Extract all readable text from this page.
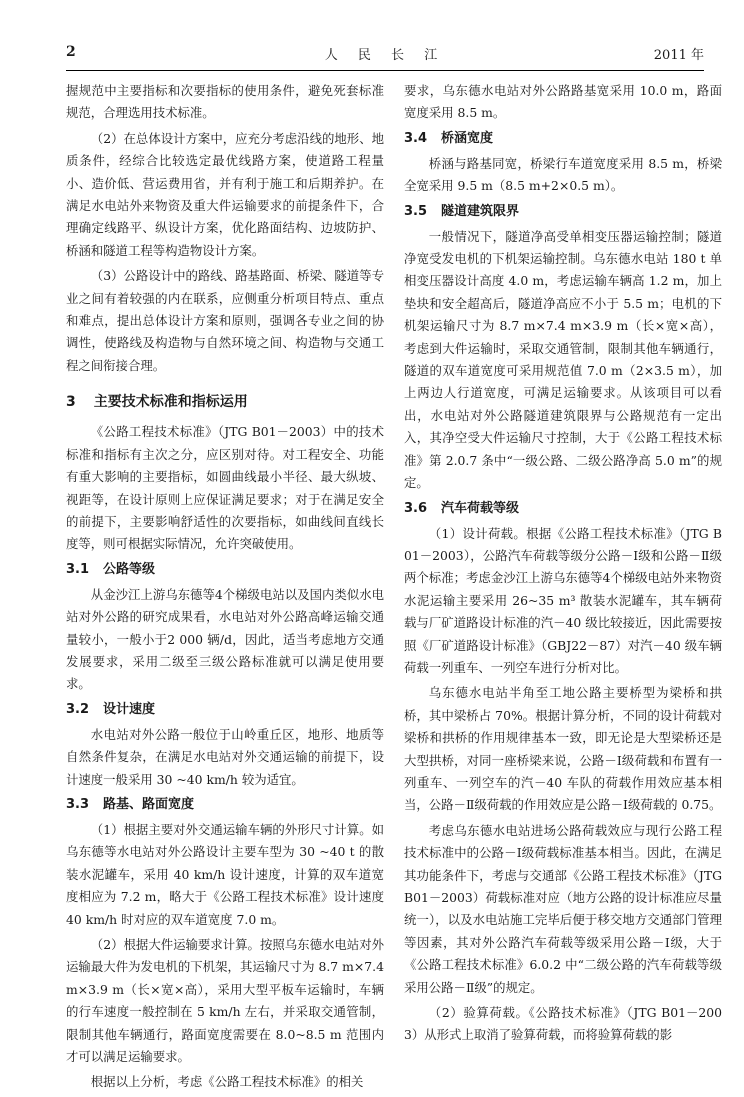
2	人 民 长 江	2011 年

握规范中主要指标和次要指标的使用条件，避免死套标准规范，合理选用技术标准。

（2）在总体设计方案中，应充分考虑沿线的地形、地质条件，经综合比较选定最优线路方案，使道路工程量小、造价低、营运费用省，并有利于施工和后期养护。在满足水电站外来物资及重大件运输要求的前提条件下，合理确定线路平、纵设计方案，优化路面结构、边坡防护、桥涵和隧道工程等构造物设计方案。

（3）公路设计中的路线、路基路面、桥梁、隧道等专业之间有着较强的内在联系，应侧重分析项目特点、重点和难点，提出总体设计方案和原则，强调各专业之间的协调性，使路线及构造物与自然环境之间、构造物与交通工程之间衔接合理。

3 主要技术标准和指标运用

《公路工程技术标准》（JTG B01－2003）中的技术标准和指标有主次之分，应区别对待。对工程安全、功能有重大影响的主要指标，如圆曲线最小半径、最大纵坡、视距等，在设计原则上应保证满足要求；对于在满足安全的前提下，主要影响舒适性的次要指标，如曲线间直线长度等，则可根据实际情况，允许突破使用。

3.1 公路等级

从金沙江上游乌东德等4个梯级电站以及国内类似水电站对外公路的研究成果看，水电站对外公路高峰运输交通量较小，一般小于2 000 辆/d，因此，适当考虑地方交通发展要求，采用二级至三级公路标准就可以满足使用要求。

3.2 设计速度

水电站对外公路一般位于山岭重丘区，地形、地质等自然条件复杂，在满足水电站对外交通运输的前提下，设计速度一般采用 30 ~40 km/h 较为适宜。

3.3 路基、路面宽度

（1）根据主要对外交通运输车辆的外形尺寸计算。如乌东德等水电站对外公路设计主要车型为 30 ~40 t 的散装水泥罐车，采用 40 km/h 设计速度，计算的双车道宽度相应为 7.2 m，略大于《公路工程技术标准》设计速度 40 km/h 时对应的双车道宽度 7.0 m。

（2）根据大件运输要求计算。按照乌东德水电站对外运输最大件为发电机的下机架，其运输尺寸为 8.7 m×7.4 m×3.9 m（长×宽×高），采用大型平板车运输时，车辆的行车速度一般控制在 5 km/h 左右，并采取交通管制，限制其他车辆通行，路面宽度需要在 8.0~8.5 m 范围内才可以满足运输要求。

根据以上分析，考虑《公路工程技术标准》的相关

要求，乌东德水电站对外公路路基宽采用 10.0 m，路面宽度采用 8.5 m。

3.4 桥涵宽度

桥涵与路基同宽，桥梁行车道宽度采用 8.5 m，桥梁全宽采用 9.5 m（8.5 m+2×0.5 m）。

3.5 隧道建筑限界

一般情况下，隧道净高受单相变压器运输控制；隧道净宽受发电机的下机架运输控制。乌东德水电站 180 t 单相变压器设计高度 4.0 m，考虑运输车辆高 1.2 m，加上垫块和安全超高后，隧道净高应不小于 5.5 m；电机的下机架运输尺寸为 8.7 m×7.4 m×3.9 m（长×宽×高），考虑到大件运输时，采取交通管制，限制其他车辆通行，隧道的双车道宽度可采用规范值 7.0 m（2×3.5 m），加上两边人行道宽度，可满足运输要求。从该项目可以看出，水电站对外公路隧道建筑限界与公路规范有一定出入，其净空受大件运输尺寸控制，大于《公路工程技术标准》第 2.0.7 条中“一级公路、二级公路净高 5.0 m”的规定。

3.6 汽车荷载等级

（1）设计荷载。根据《公路工程技术标准》（JTG B01－2003），公路汽车荷载等级分公路－Ⅰ级和公路－Ⅱ级两个标准；考虑金沙江上游乌东德等4个梯级电站外来物资水泥运输主要采用 26~35 m³ 散装水泥罐车，其车辆荷载与厂矿道路设计标准的汽－40 级比较接近，因此需要按照《厂矿道路设计标准》（GBJ22－87）对汽－40 级车辆荷载一列重车、一列空车进行分析对比。

乌东德水电站半角至工地公路主要桥型为梁桥和拱桥，其中梁桥占 70%。根据计算分析，不同的设计荷载对梁桥和拱桥的作用规律基本一致，即无论是大型梁桥还是大型拱桥，对同一座桥梁来说，公路－Ⅰ级荷载和布置有一列重车、一列空车的汽－40 车队的荷载作用效应基本相当，公路－Ⅱ级荷载的作用效应是公路－Ⅰ级荷载的 0.75。

考虑乌东德水电站进场公路荷载效应与现行公路工程技术标准中的公路－Ⅰ级荷载标准基本相当。因此，在满足其功能条件下，考虑与交通部《公路工程技术标准》（JTG B01－2003）荷载标准对应（地方公路的设计标准应尽量统一），以及水电站施工完毕后便于移交地方交通部门管理等因素，其对外公路汽车荷载等级采用公路－Ⅰ级，大于《公路工程技术标准》6.0.2 中“二级公路的汽车荷载等级采用公路－Ⅱ级”的规定。

（2）验算荷载。《公路技术标准》（JTG B01－2003）从形式上取消了验算荷载，而将验算荷载的影
